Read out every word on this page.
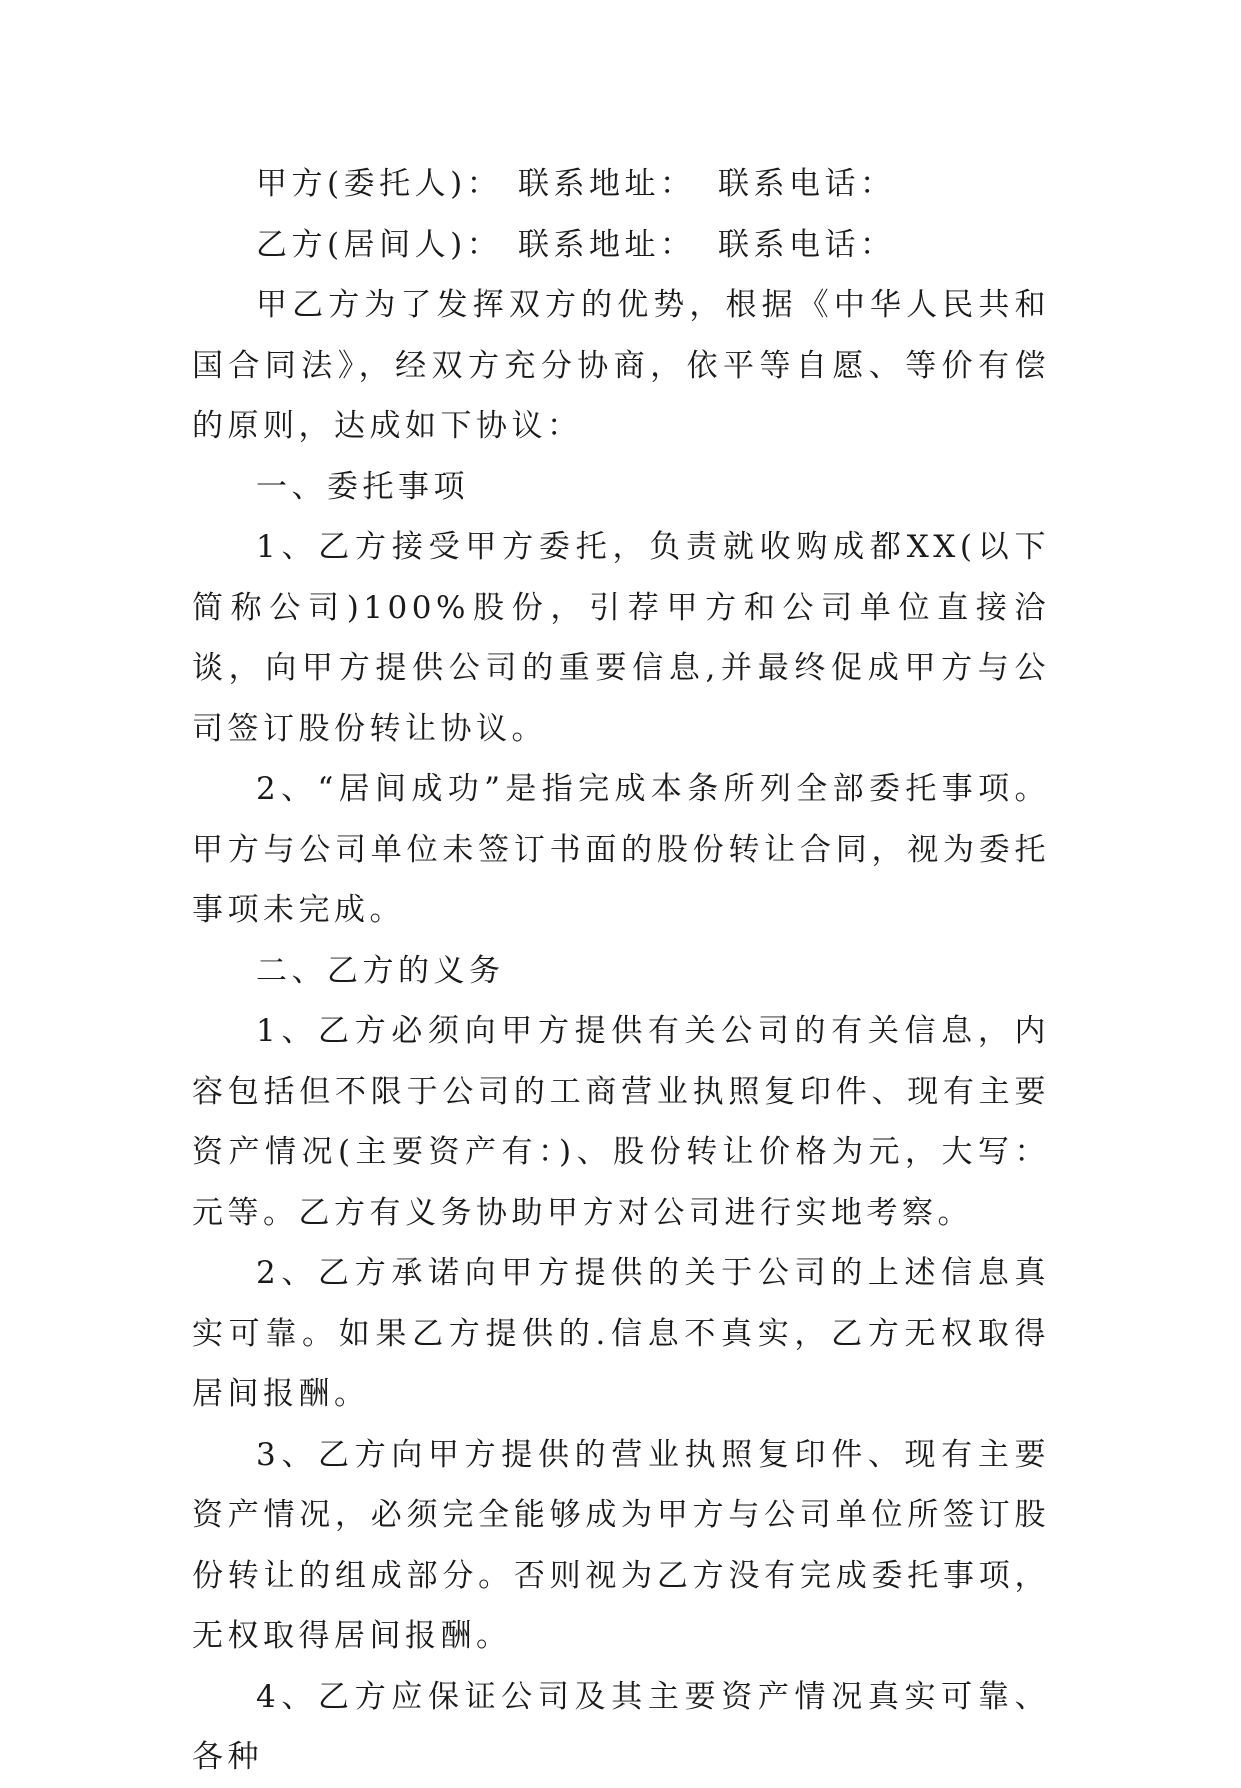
甲方(委托人)： 联系地址： 联系电话：
乙方(居间人)： 联系地址： 联系电话：

甲乙方为了发挥双方的优势，根据《中华人民共和国合同法》，经双方充分协商，依平等自愿、等价有偿的原则，达成如下协议：

一、委托事项

1、乙方接受甲方委托，负责就收购成都XX(以下简称公司)100%股份，引荐甲方和公司单位直接洽谈，向甲方提供公司的重要信息,并最终促成甲方与公司签订股份转让协议。

2、“居间成功”是指完成本条所列全部委托事项。甲方与公司单位未签订书面的股份转让合同，视为委托事项未完成。

二、乙方的义务

1、乙方必须向甲方提供有关公司的有关信息，内容包括但不限于公司的工商营业执照复印件、现有主要资产情况(主要资产有：)、股份转让价格为元，大写：元等。乙方有义务协助甲方对公司进行实地考察。

2、乙方承诺向甲方提供的关于公司的上述信息真实可靠。如果乙方提供的.信息不真实，乙方无权取得居间报酬。

3、乙方向甲方提供的营业执照复印件、现有主要资产情况，必须完全能够成为甲方与公司单位所签订股份转让的组成部分。否则视为乙方没有完成委托事项，无权取得居间报酬。

4、乙方应保证公司及其主要资产情况真实可靠、各种
